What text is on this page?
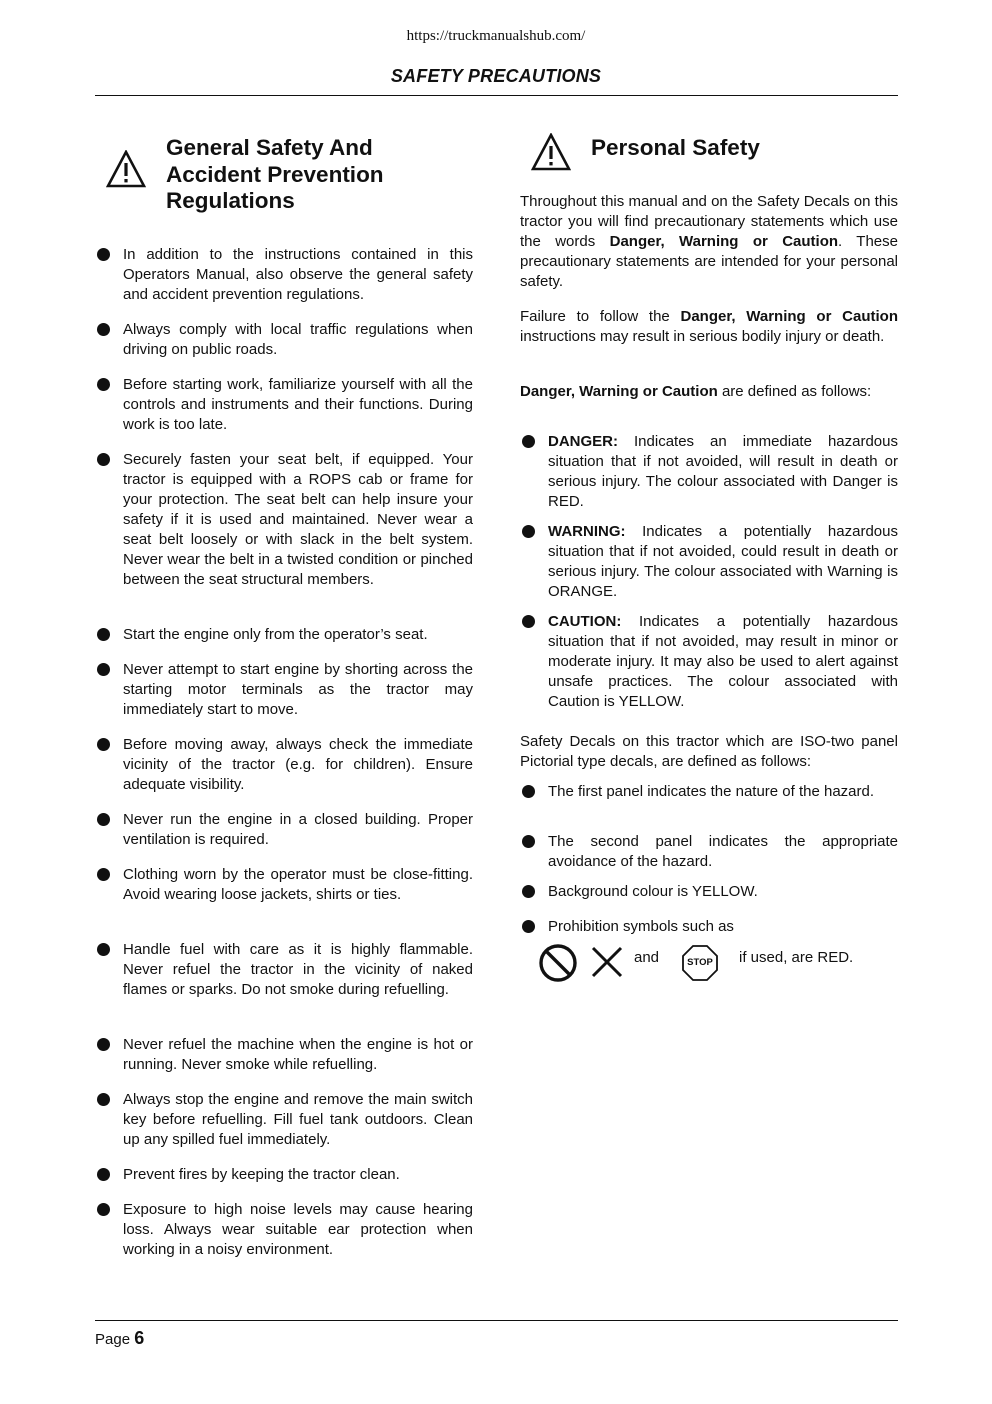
https://truckmanualshub.com/
SAFETY PRECAUTIONS
General Safety And
Accident Prevention
Regulations
In addition to the instructions contained in this Operators Manual, also observe the general safety and accident prevention regulations.
Always comply with local traffic regulations when driving on public roads.
Before starting work, familiarize yourself with all the controls and instruments and their functions. During work is too late.
Securely fasten your seat belt, if equipped. Your tractor is equipped with a ROPS cab or frame for your protection. The seat belt can help insure your safety if it is used and maintained. Never wear a seat belt loosely or with slack in the belt system. Never wear the belt in a twisted condition or pinched between the seat structural members.
Start the engine only from the operator’s seat.
Never attempt to start engine by shorting across the starting motor terminals as the tractor may immediately start to move.
Before moving away, always check the immediate vicinity of the tractor (e.g. for children). Ensure adequate visibility.
Never run the engine in a closed building. Proper ventilation is required.
Clothing worn by the operator must be close-fitting. Avoid wearing loose jackets, shirts or ties.
Handle fuel with care as it is highly flammable. Never refuel the tractor in the vicinity of naked flames or sparks. Do not smoke during refuelling.
Never refuel the machine when the engine is hot or running. Never smoke while refuelling.
Always stop the engine and remove the main switch key before refuelling. Fill fuel tank outdoors. Clean up any spilled fuel immediately.
Prevent fires by keeping the tractor clean.
Exposure to high noise levels may cause hearing loss. Always wear suitable ear protection when working in a noisy environment.
Personal Safety
Throughout this manual and on the Safety Decals on this tractor you will find precautionary statements which use the words Danger, Warning or Caution. These precautionary statements are intended for your personal safety.
Failure to follow the Danger, Warning or Caution instructions may result in serious bodily injury or death.
Danger, Warning or Caution are defined as follows:
DANGER: Indicates an immediate hazardous situation that if not avoided, will result in death or serious injury. The colour associated with Danger is RED.
WARNING: Indicates a potentially hazardous situation that if not avoided, could result in death or serious injury. The colour associated with Warning is ORANGE.
CAUTION: Indicates a potentially hazardous situation that if not avoided, may result in minor or moderate injury. It may also be used to alert against unsafe practices. The colour associated with Caution is YELLOW.
Safety Decals on this tractor which are ISO-two panel Pictorial type decals, are defined as follows:
The first panel indicates the nature of the hazard.
The second panel indicates the appropriate avoidance of the hazard.
Background colour is YELLOW.
Prohibition symbols such as
and	STOP	if used, are RED.
Page 6
